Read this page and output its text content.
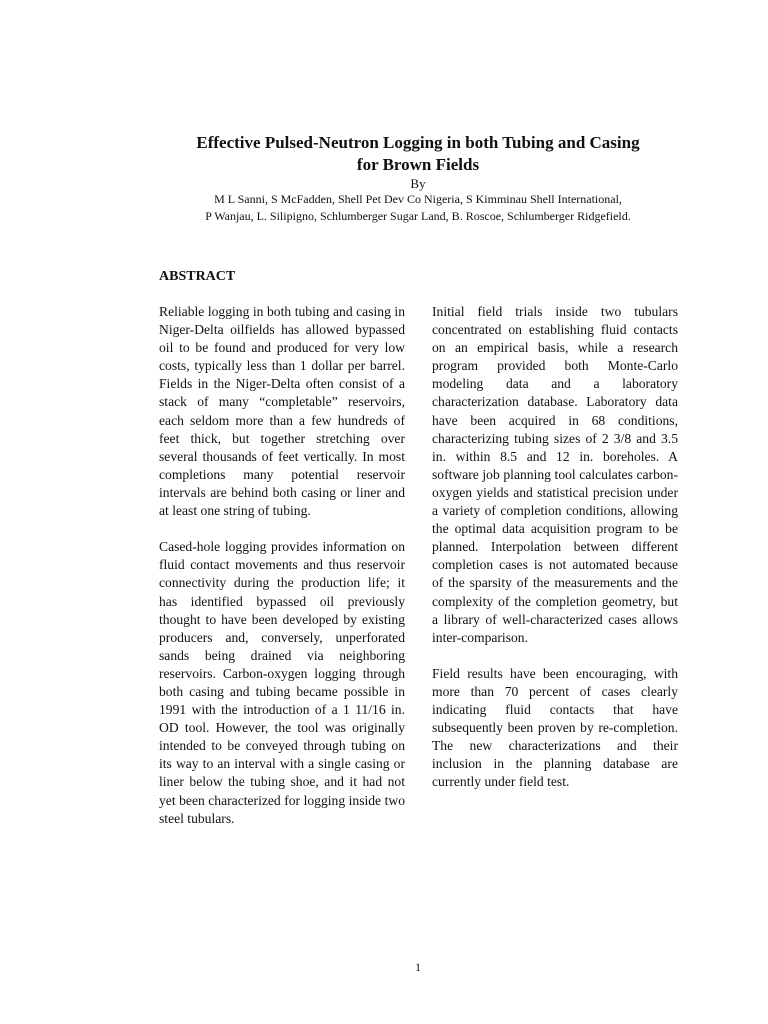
Effective Pulsed-Neutron Logging in both Tubing and Casing
for Brown Fields
By
M L Sanni, S McFadden, Shell Pet Dev Co Nigeria, S Kimminau Shell International,
P Wanjau, L. Silipigno, Schlumberger Sugar Land, B. Roscoe, Schlumberger Ridgefield.
ABSTRACT

Reliable logging in both tubing and casing in Niger-Delta oilfields has allowed bypassed oil to be found and produced for very low costs, typically less than 1 dollar per barrel. Fields in the Niger-Delta often consist of a stack of many “completable” reservoirs, each seldom more than a few hundreds of feet thick, but together stretching over several thousands of feet vertically. In most completions many potential reservoir intervals are behind both casing or liner and at least one string of tubing.

Cased-hole logging provides information on fluid contact movements and thus reservoir connectivity during the production life; it has identified bypassed oil previously thought to have been developed by existing producers and, conversely, unperforated sands being drained via neighboring reservoirs. Carbon-oxygen logging through both casing and tubing became possible in 1991 with the introduction of a 1 11/16 in. OD tool. However, the tool was originally intended to be conveyed through tubing on its way to an interval with a single casing or liner below the tubing shoe, and it had not yet been characterized for logging inside two steel tubulars.

Initial field trials inside two tubulars concentrated on establishing fluid contacts on an empirical basis, while a research program provided both Monte-Carlo modeling data and a laboratory characterization database. Laboratory data have been acquired in 68 conditions, characterizing tubing sizes of 2 3/8 and 3.5 in. within 8.5 and 12 in. boreholes. A software job planning tool calculates carbon-oxygen yields and statistical precision under a variety of completion conditions, allowing the optimal data acquisition program to be planned. Interpolation between different completion cases is not automated because of the sparsity of the measurements and the complexity of the completion geometry, but a library of well-characterized cases allows inter-comparison.

Field results have been encouraging, with more than 70 percent of cases clearly indicating fluid contacts that have subsequently been proven by re-completion. The new characterizations and their inclusion in the planning database are currently under field test.

1
